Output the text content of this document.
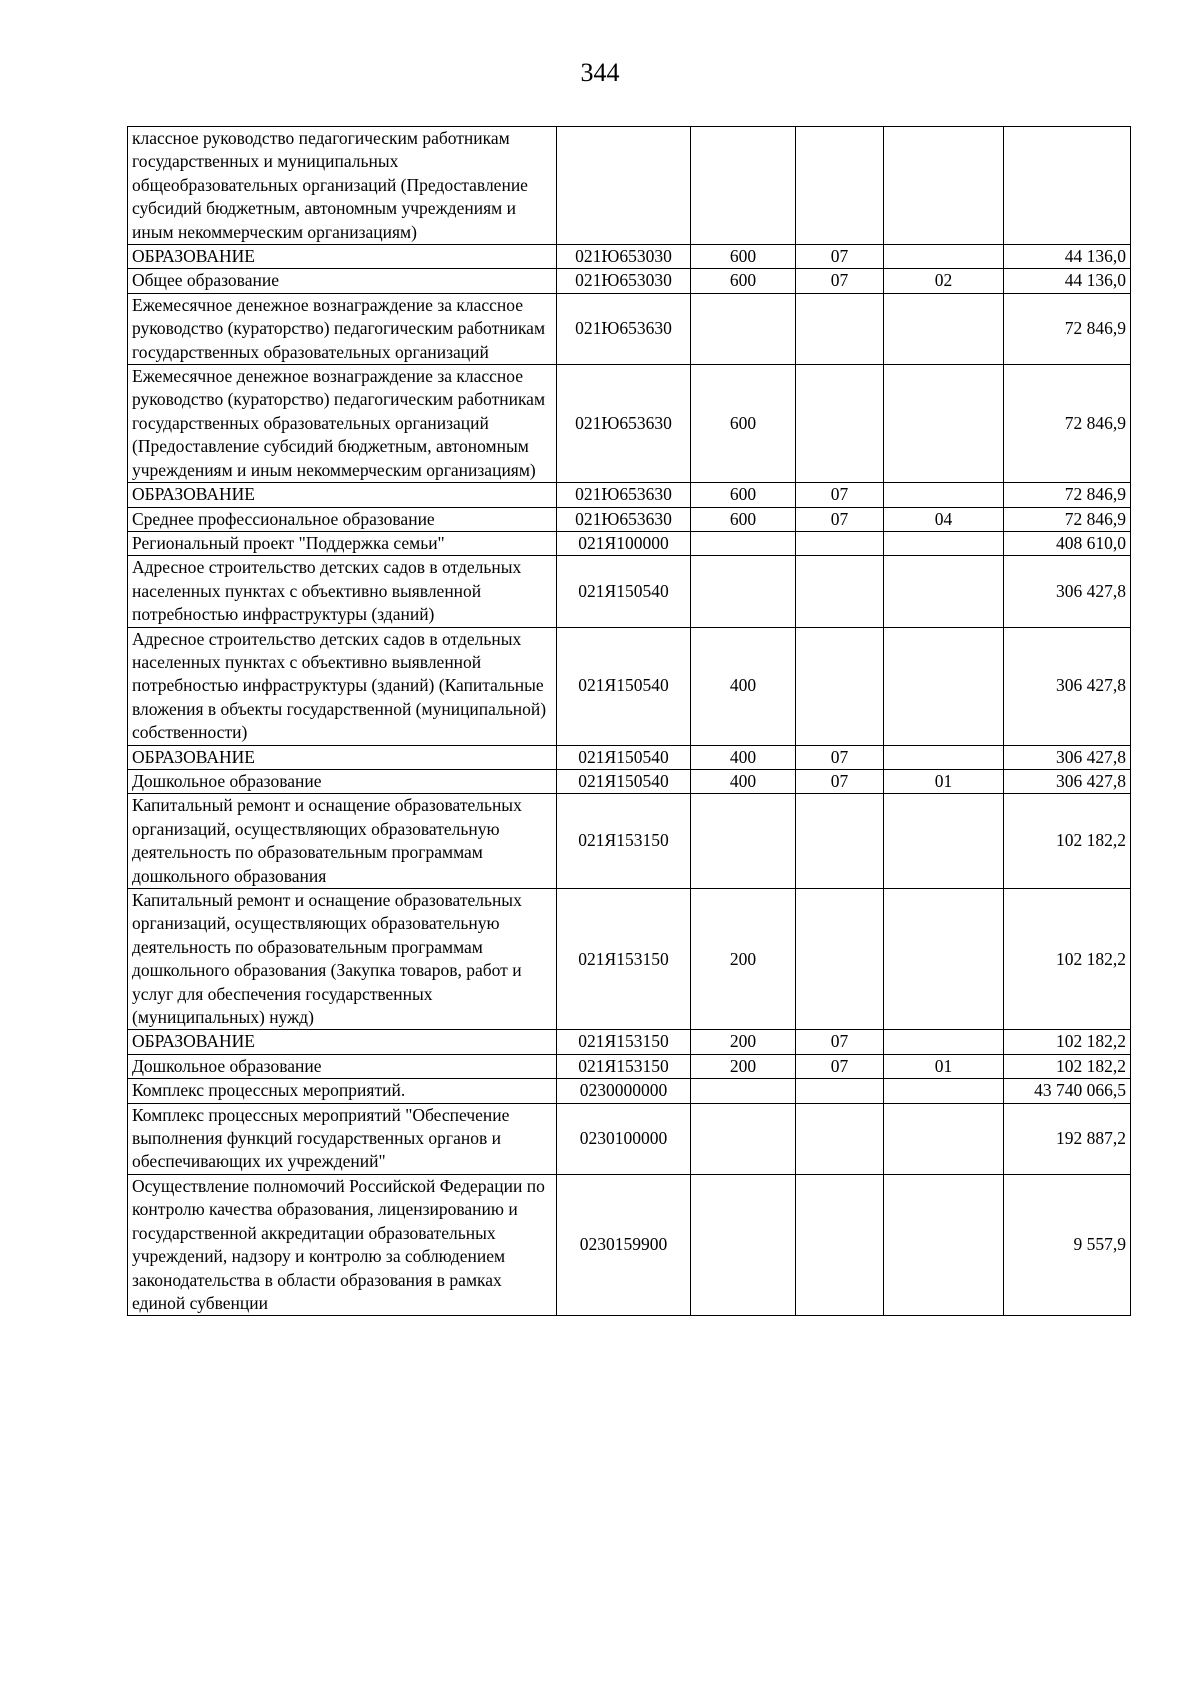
344
классное руководство педагогическим работникам государственных и муниципальных общеобразовательных организаций (Предоставление субсидий бюджетным, автономным учреждениям и иным некоммерческим организациям)					
ОБРАЗОВАНИЕ	021Ю653030	600	07		44 136,0
Общее образование	021Ю653030	600	07	02	44 136,0
Ежемесячное денежное вознаграждение за классное руководство (кураторство) педагогическим работникам государственных образовательных организаций	021Ю653630				72 846,9
Ежемесячное денежное вознаграждение за классное руководство (кураторство) педагогическим работникам государственных образовательных организаций (Предоставление субсидий бюджетным, автономным учреждениям и иным некоммерческим организациям)	021Ю653630	600			72 846,9
ОБРАЗОВАНИЕ	021Ю653630	600	07		72 846,9
Среднее профессиональное образование	021Ю653630	600	07	04	72 846,9
Региональный проект "Поддержка семьи"	021Я100000				408 610,0
Адресное строительство детских садов в отдельных населенных пунктах с объективно выявленной потребностью инфраструктуры (зданий)	021Я150540				306 427,8
Адресное строительство детских садов в отдельных населенных пунктах с объективно выявленной потребностью инфраструктуры (зданий) (Капитальные вложения в объекты государственной (муниципальной) собственности)	021Я150540	400			306 427,8
ОБРАЗОВАНИЕ	021Я150540	400	07		306 427,8
Дошкольное образование	021Я150540	400	07	01	306 427,8
Капитальный ремонт и оснащение образовательных организаций, осуществляющих образовательную деятельность по образовательным программам дошкольного образования	021Я153150				102 182,2
Капитальный ремонт и оснащение образовательных организаций, осуществляющих образовательную деятельность по образовательным программам дошкольного образования (Закупка товаров, работ и услуг для обеспечения государственных (муниципальных) нужд)	021Я153150	200			102 182,2
ОБРАЗОВАНИЕ	021Я153150	200	07		102 182,2
Дошкольное образование	021Я153150	200	07	01	102 182,2
Комплекс процессных мероприятий.	0230000000				43 740 066,5
Комплекс процессных мероприятий "Обеспечение выполнения функций государственных органов и обеспечивающих их учреждений"	0230100000				192 887,2
Осуществление полномочий Российской Федерации по контролю качества образования, лицензированию и государственной аккредитации образовательных учреждений, надзору и контролю за соблюдением законодательства в области образования в рамках единой субвенции	0230159900				9 557,9
